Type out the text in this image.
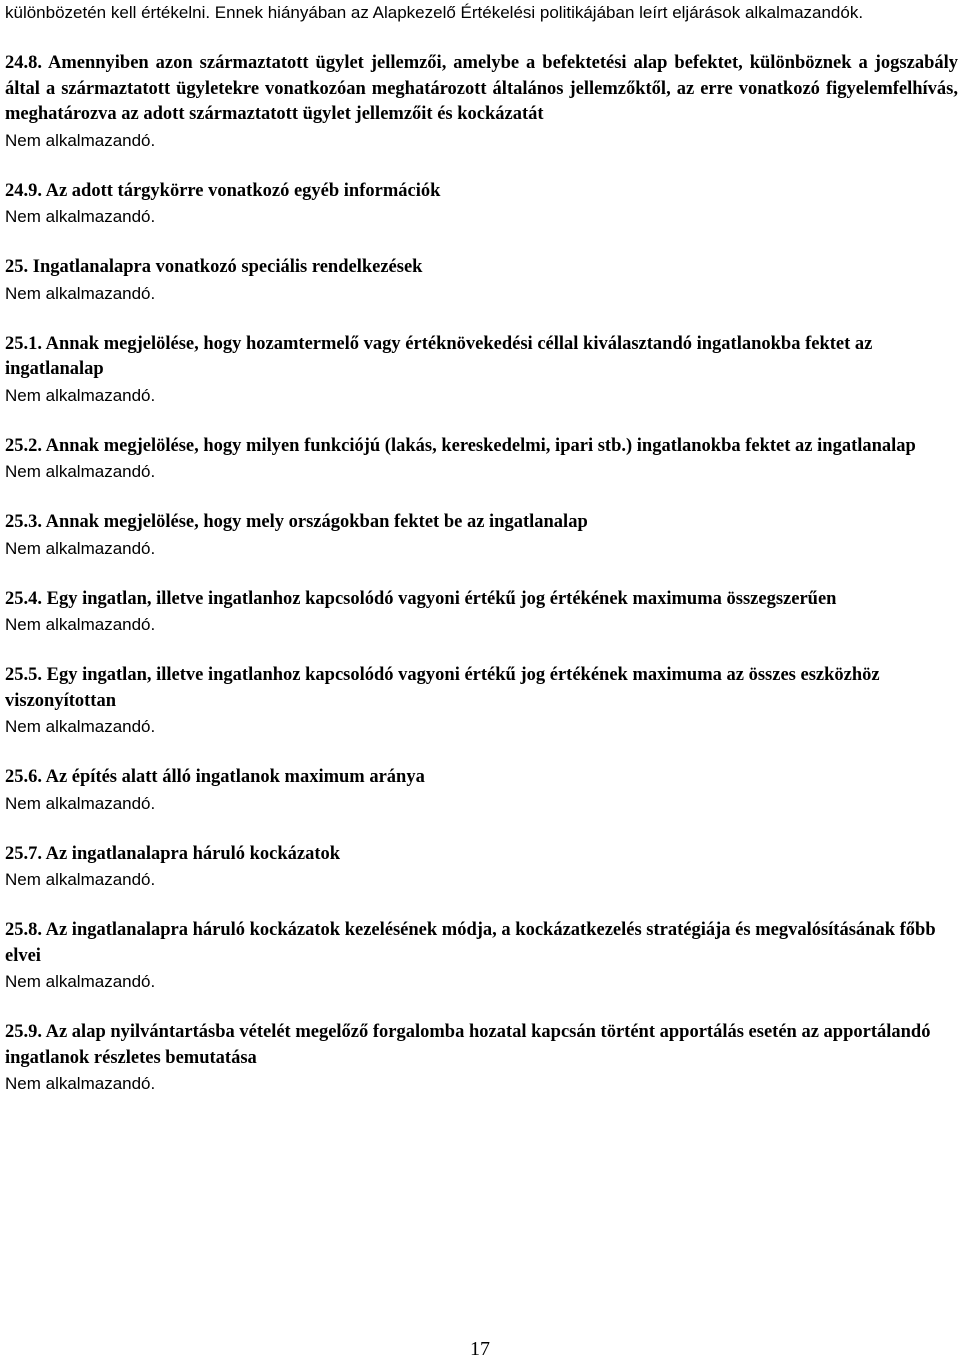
különbözetén kell értékelni. Ennek hiányában az Alapkezelő Értékelési politikájában leírt eljárások alkalmazandók.

24.8. Amennyiben azon származtatott ügylet jellemzői, amelybe a befektetési alap befektet, különböznek a jogszabály által a származtatott ügyletekre vonatkozóan meghatározott általános jellemzőktől, az erre vonatkozó figyelemfelhívás, meghatározva az adott származtatott ügylet jellemzőit és kockázatát

Nem alkalmazandó.

24.9. Az adott tárgykörre vonatkozó egyéb információk

Nem alkalmazandó.

25. Ingatlanalapra vonatkozó speciális rendelkezések

Nem alkalmazandó.

25.1. Annak megjelölése, hogy hozamtermelő vagy értéknövekedési céllal kiválasztandó ingatlanokba fektet az ingatlanalap

Nem alkalmazandó.

25.2. Annak megjelölése, hogy milyen funkciójú (lakás, kereskedelmi, ipari stb.) ingatlanokba fektet az ingatlanalap

Nem alkalmazandó.

25.3. Annak megjelölése, hogy mely országokban fektet be az ingatlanalap

Nem alkalmazandó.

25.4. Egy ingatlan, illetve ingatlanhoz kapcsolódó vagyoni értékű jog értékének maximuma összegszerűen

Nem alkalmazandó.

25.5. Egy ingatlan, illetve ingatlanhoz kapcsolódó vagyoni értékű jog értékének maximuma az összes eszközhöz viszonyítottan

Nem alkalmazandó.

25.6. Az építés alatt álló ingatlanok maximum aránya

Nem alkalmazandó.

25.7. Az ingatlanalapra háruló kockázatok

Nem alkalmazandó.

25.8. Az ingatlanalapra háruló kockázatok kezelésének módja, a kockázatkezelés stratégiája és megvalósításának főbb elvei

Nem alkalmazandó.

25.9. Az alap nyilvántartásba vételét megelőző forgalomba hozatal kapcsán történt apportálás esetén az apportálandó ingatlanok részletes bemutatása

Nem alkalmazandó.

17
